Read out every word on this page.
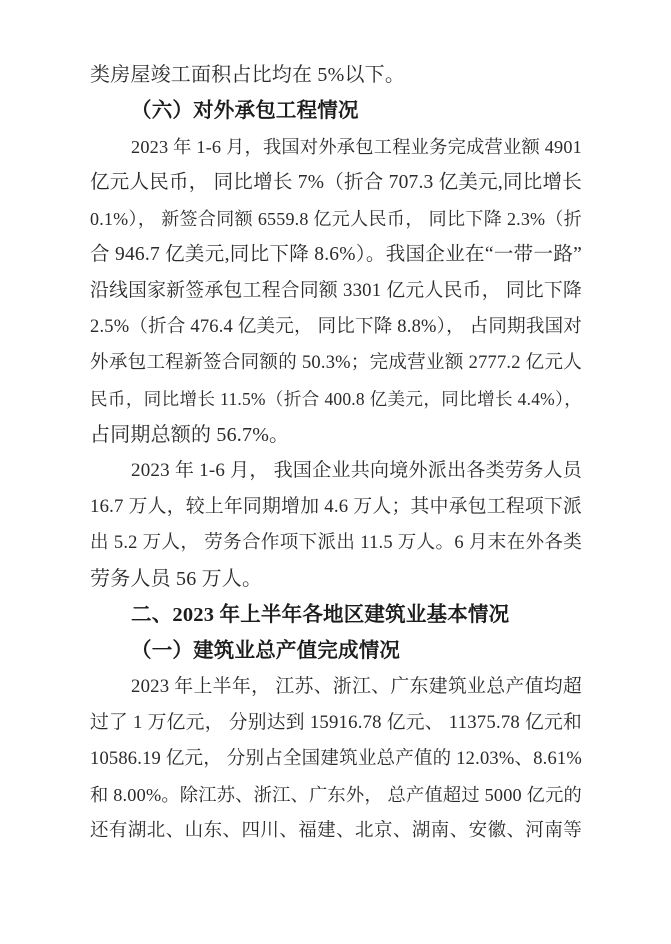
类房屋竣工面积占比均在 5%以下。
（六）对外承包工程情况
2023 年 1-6 月，我国对外承包工程业务完成营业额 4901
亿元人民币， 同比增长 7%（折合 707.3 亿美元,同比增长
0.1%）， 新签合同额 6559.8 亿元人民币， 同比下降 2.3%（折
合 946.7 亿美元,同比下降 8.6%）。我国企业在“一带一路”
沿线国家新签承包工程合同额 3301 亿元人民币， 同比下降
2.5%（折合 476.4 亿美元， 同比下降 8.8%）， 占同期我国对
外承包工程新签合同额的 50.3%；完成营业额 2777.2 亿元人
民币，同比增长 11.5%（折合 400.8 亿美元，同比增长 4.4%），
占同期总额的 56.7%。
2023 年 1-6 月， 我国企业共向境外派出各类劳务人员
16.7 万人，较上年同期增加 4.6 万人；其中承包工程项下派
出 5.2 万人， 劳务合作项下派出 11.5 万人。6 月末在外各类
劳务人员 56 万人。
二、2023 年上半年各地区建筑业基本情况
（一）建筑业总产值完成情况
2023 年上半年， 江苏、浙江、广东建筑业总产值均超
过了 1 万亿元， 分别达到 15916.78 亿元、 11375.78 亿元和
10586.19 亿元， 分别占全国建筑业总产值的 12.03%、8.61%
和 8.00%。除江苏、浙江、广东外， 总产值超过 5000 亿元的
还有湖北、山东、四川、福建、北京、湖南、安徽、河南等
